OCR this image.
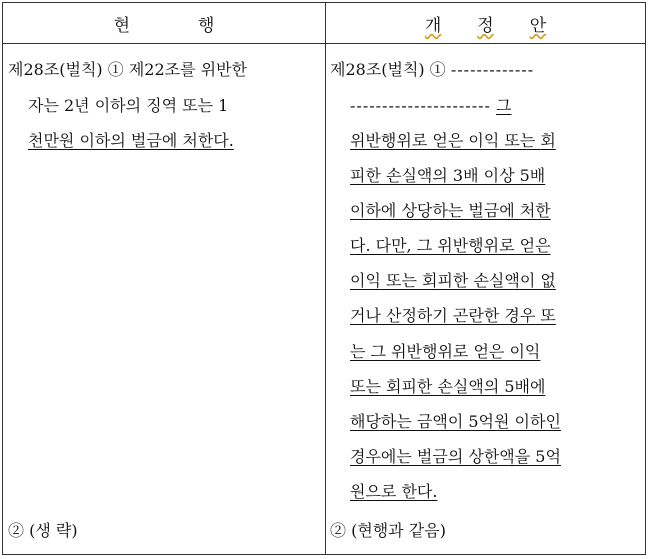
현	행	개 정 안
제28조(벌칙) ① 제22조를 위반한
자는 2년 이하의 징역 또는 1
천만원 이하의 벌금에 처한다.
② (생 략)
제28조(벌칙) ① -------------
---------------------- 그
위반행위로 얻은 이익 또는 회
피한 손실액의 3배 이상 5배
이하에 상당하는 벌금에 처한
다. 다만, 그 위반행위로 얻은
이익 또는 회피한 손실액이 없
거나 산정하기 곤란한 경우 또
는 그 위반행위로 얻은 이익
또는 회피한 손실액의 5배에
해당하는 금액이 5억원 이하인
경우에는 벌금의 상한액을 5억
원으로 한다.
② (현행과 같음)
